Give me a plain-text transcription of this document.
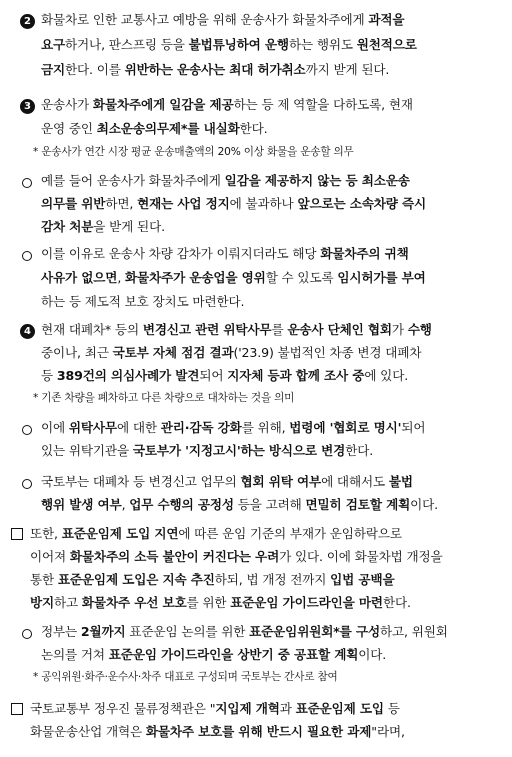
2 화물차로 인한 교통사고 예방을 위해 운송사가 화물차주에게 과적을
요구하거나, 판스프링 등을 불법튜닝하여 운행하는 행위도 원천적으로
금지한다. 이를 위반하는 운송사는 최대 허가취소까지 받게 된다.
3 운송사가 화물차주에게 일감을 제공하는 등 제 역할을 다하도록, 현재
운영 중인 최소운송의무제*를 내실화한다.
* 운송사가 연간 시장 평균 운송매출액의 20% 이상 화물을 운송할 의무
예를 들어 운송사가 화물차주에게 일감을 제공하지 않는 등 최소운송
의무를 위반하면, 현재는 사업 정지에 불과하나 앞으로는 소속차량 즉시
감차 처분을 받게 된다.
이를 이유로 운송사 차량 감차가 이뤄지더라도 해당 화물차주의 귀책
사유가 없으면, 화물차주가 운송업을 영위할 수 있도록 임시허가를 부여
하는 등 제도적 보호 장치도 마련한다.
4 현재 대폐차* 등의 변경신고 관련 위탁사무를 운송사 단체인 협회가 수행
중이나, 최근 국토부 자체 점검 결과('23.9) 불법적인 차종 변경 대폐차
등 389건의 의심사례가 발견되어 지자체 등과 합께 조사 중에 있다.
* 기존 차량을 폐차하고 다른 차량으로 대차하는 것을 의미
이에 위탁사무에 대한 관리·감독 강화를 위해, 법령에 '협회로 명시'되어
있는 위탁기관을 국토부가 '지정고시'하는 방식으로 변경한다.
국토부는 대폐차 등 변경신고 업무의 협회 위탁 여부에 대해서도 불법
행위 발생 여부, 업무 수행의 공정성 등을 고려해 면밀히 검토할 계획이다.
또한, 표준운임제 도입 지연에 따른 운임 기준의 부재가 운임하락으로
이어져 화물차주의 소득 불안이 커진다는 우려가 있다. 이에 화물차법 개정을
통한 표준운임제 도입은 지속 추진하되, 법 개정 전까지 입법 공백을
방지하고 화물차주 우선 보호를 위한 표준운임 가이드라인을 마련한다.
정부는 2월까지 표준운임 논의를 위한 표준운임위원회*를 구성하고, 위원회
논의를 거쳐 표준운임 가이드라인을 상반기 중 공표할 계획이다.
* 공익위원·화주·운수사·차주 대표로 구성되며 국토부는 간사로 참여
국토교통부 정우진 물류정책관은 "지입제 개혁과 표준운임제 도입 등
화물운송산업 개혁은 화물차주 보호를 위해 반드시 필요한 과제"라며,
